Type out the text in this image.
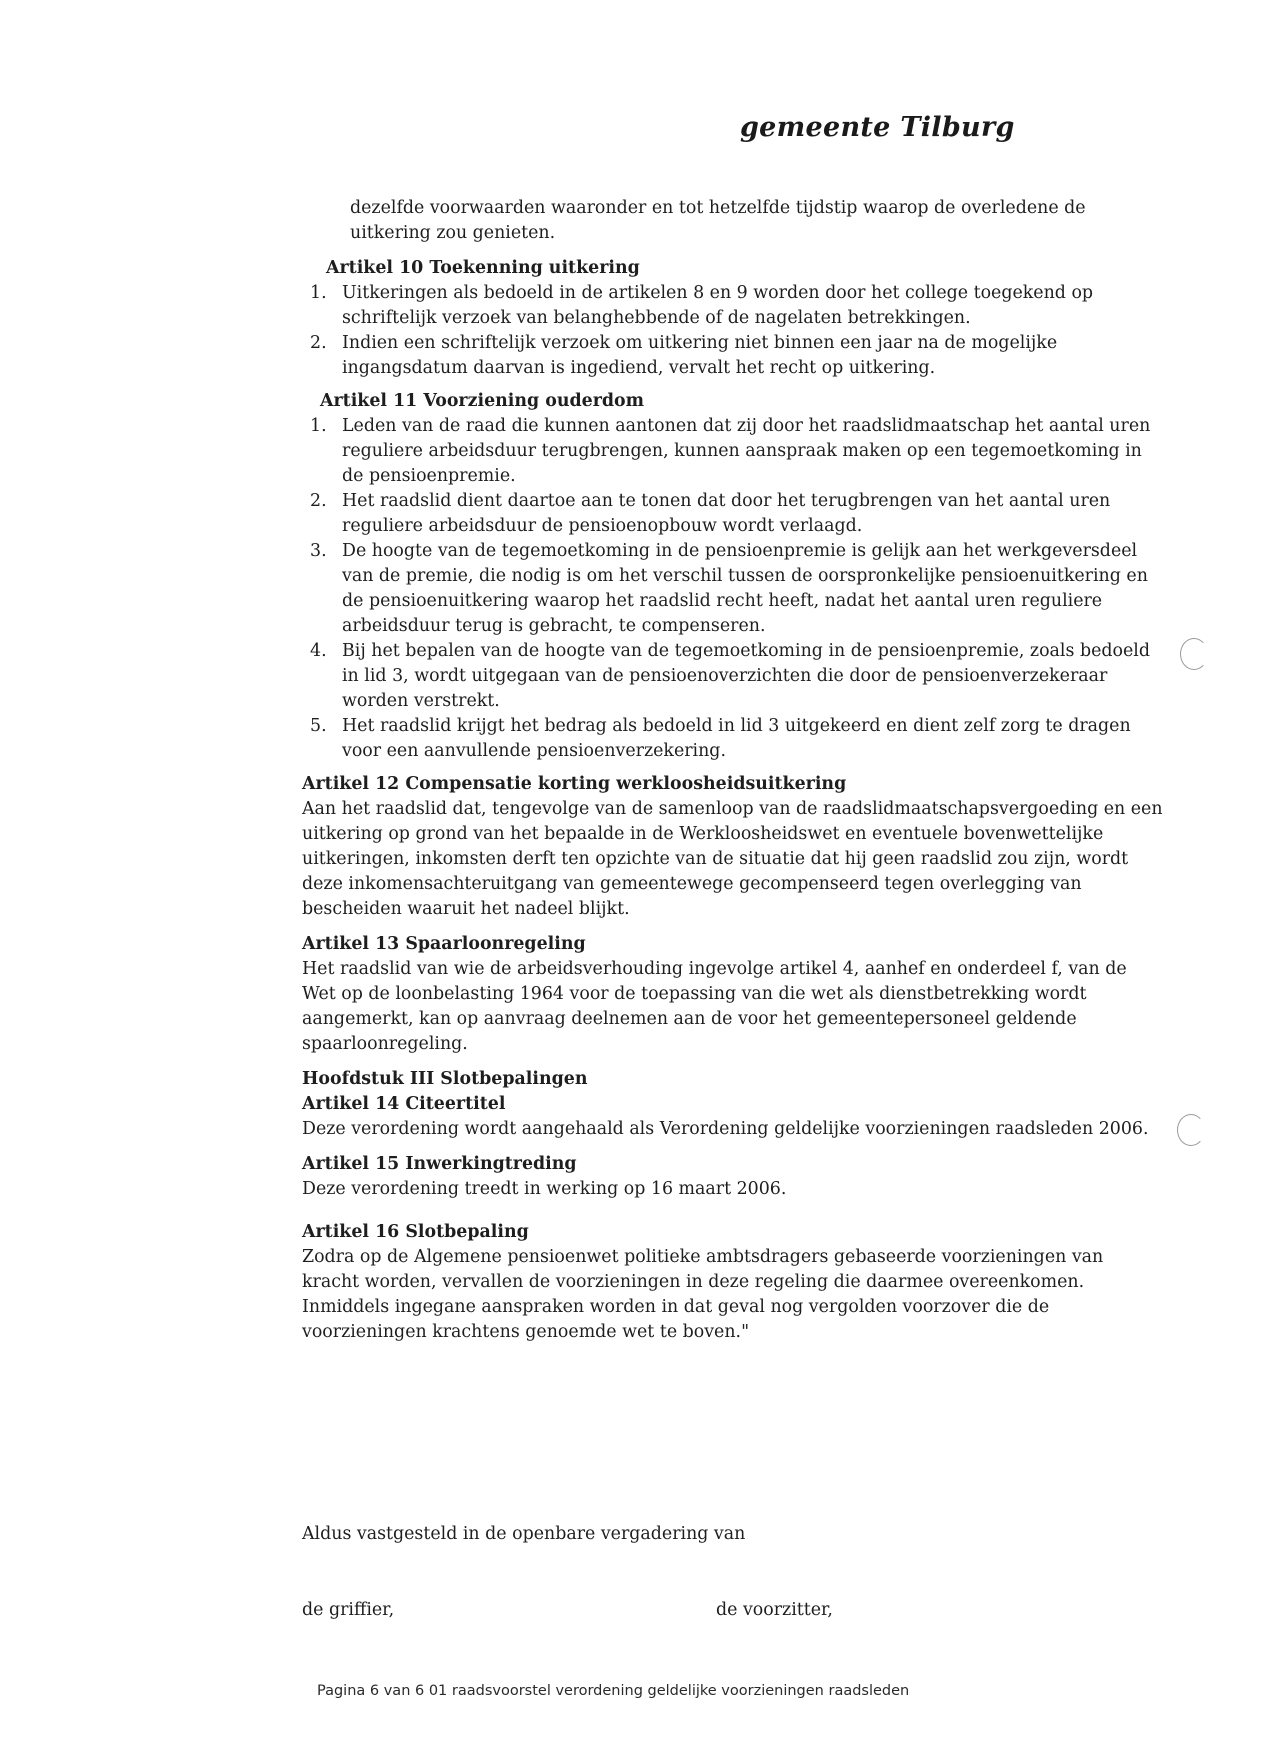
gemeente Tilburg

dezelfde voorwaarden waaronder en tot hetzelfde tijdstip waarop de overledene de uitkering zou genieten.

Artikel 10 Toekenning uitkering

1. Uitkeringen als bedoeld in de artikelen 8 en 9 worden door het college toegekend op schriftelijk verzoek van belanghebbende of de nagelaten betrekkingen.
2. Indien een schriftelijk verzoek om uitkering niet binnen een jaar na de mogelijke ingangsdatum daarvan is ingediend, vervalt het recht op uitkering.

Artikel 11 Voorziening ouderdom

1. Leden van de raad die kunnen aantonen dat zij door het raadslidmaatschap het aantal uren reguliere arbeidsduur terugbrengen, kunnen aanspraak maken op een tegemoetkoming in de pensioenpremie.
2. Het raadslid dient daartoe aan te tonen dat door het terugbrengen van het aantal uren reguliere arbeidsduur de pensioenopbouw wordt verlaagd.
3. De hoogte van de tegemoetkoming in de pensioenpremie is gelijk aan het werkgeversdeel van de premie, die nodig is om het verschil tussen de oorspronkelijke pensioenuitkering en de pensioenuitkering waarop het raadslid recht heeft, nadat het aantal uren reguliere arbeidsduur terug is gebracht, te compenseren.
4. Bij het bepalen van de hoogte van de tegemoetkoming in de pensioenpremie, zoals bedoeld in lid 3, wordt uitgegaan van de pensioenoverzichten die door de pensioenverzekeraar worden verstrekt.
5. Het raadslid krijgt het bedrag als bedoeld in lid 3 uitgekeerd en dient zelf zorg te dragen voor een aanvullende pensioenverzekering.

Artikel 12 Compensatie korting werkloosheidsuitkering

Aan het raadslid dat, tengevolge van de samenloop van de raadslidmaatschapsvergoeding en een uitkering op grond van het bepaalde in de Werkloosheidswet en eventuele bovenwettelijke uitkeringen, inkomsten derft ten opzichte van de situatie dat hij geen raadslid zou zijn, wordt deze inkomensachteruitgang van gemeentewege gecompenseerd tegen overlegging van bescheiden waaruit het nadeel blijkt.

Artikel 13 Spaarloonregeling

Het raadslid van wie de arbeidsverhouding ingevolge artikel 4, aanhef en onderdeel f, van de Wet op de loonbelasting 1964 voor de toepassing van die wet als dienstbetrekking wordt aangemerkt, kan op aanvraag deelnemen aan de voor het gemeentepersoneel geldende spaarloonregeling.

Hoofdstuk III Slotbepalingen

Artikel 14 Citeertitel

Deze verordening wordt aangehaald als Verordening geldelijke voorzieningen raadsleden 2006.

Artikel 15 Inwerkingtreding

Deze verordening treedt in werking op 16 maart 2006.

Artikel 16 Slotbepaling

Zodra op de Algemene pensioenwet politieke ambtsdragers gebaseerde voorzieningen van kracht worden, vervallen de voorzieningen in deze regeling die daarmee overeenkomen. Inmiddels ingegane aanspraken worden in dat geval nog vergolden voorzover die de voorzieningen krachtens genoemde wet te boven."

Aldus vastgesteld in de openbare vergadering van
de griffier,	de voorzitter,
Pagina 6 van 6 01 raadsvoorstel verordening geldelijke voorzieningen raadsleden
